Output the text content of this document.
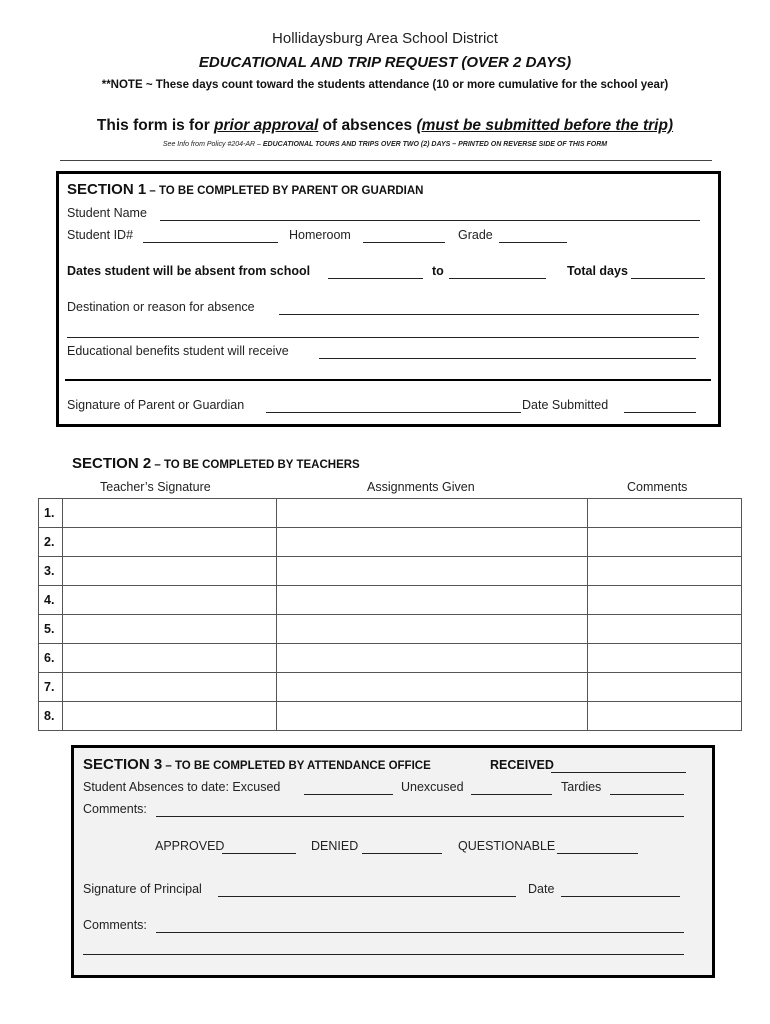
Hollidaysburg Area School District
EDUCATIONAL AND TRIP REQUEST (OVER 2 DAYS)
**NOTE ~ These days count toward the students attendance (10 or more cumulative for the school year)
This form is for prior approval of absences (must be submitted before the trip)
See Info from Policy #204-AR – EDUCATIONAL TOURS AND TRIPS OVER TWO (2) DAYS – PRINTED ON REVERSE SIDE OF THIS FORM
SECTION 1 – TO BE COMPLETED BY PARENT OR GUARDIAN
Student Name
Student ID#	Homeroom	Grade
Dates student will be absent from school	to	Total days
Destination or reason for absence
Educational benefits student will receive
Signature of Parent or Guardian	Date Submitted
SECTION 2 – TO BE COMPLETED BY TEACHERS
Teacher’s Signature	Assignments Given	Comments
1.			
2.			
3.			
4.			
5.			
6.			
7.			
8.			
SECTION 3 – TO BE COMPLETED BY ATTENDANCE OFFICE	RECEIVED
Student Absences to date: Excused	Unexcused	Tardies
Comments:
APPROVED	DENIED	QUESTIONABLE
Signature of Principal	Date
Comments:
